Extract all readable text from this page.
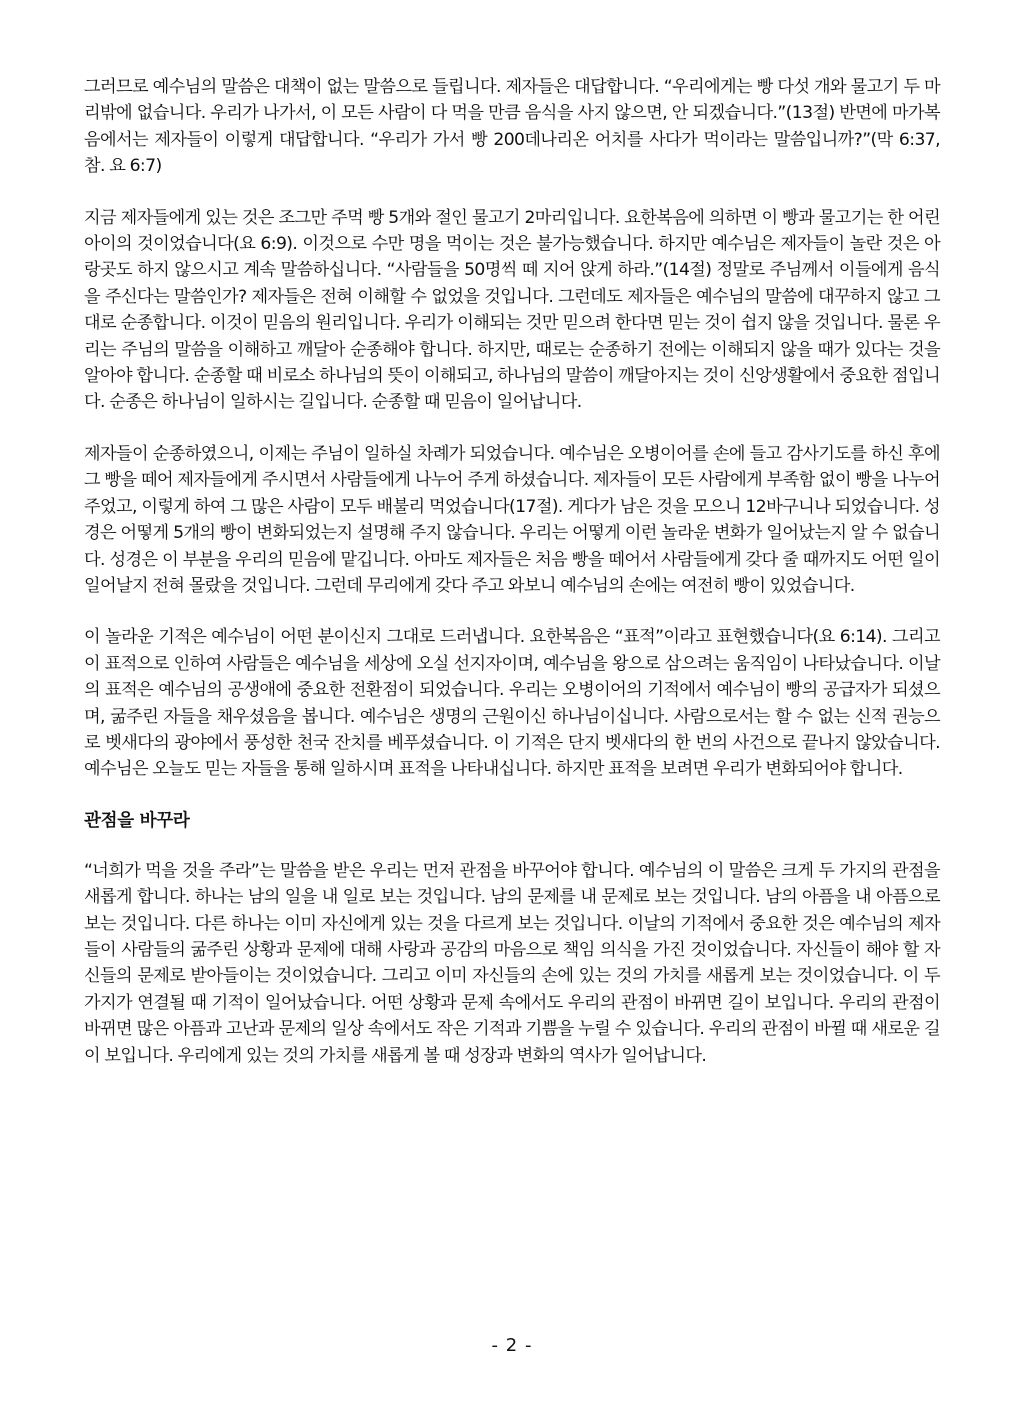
그러므로 예수님의 말씀은 대책이 없는 말씀으로 들립니다. 제자들은 대답합니다. “우리에게는 빵 다섯 개와 물고기 두 마리밖에 없습니다. 우리가 나가서, 이 모든 사람이 다 먹을 만큼 음식을 사지 않으면, 안 되겠습니다.”(13절) 반면에 마가복음에서는 제자들이 이렇게 대답합니다. “우리가 가서 빵 200데나리온 어치를 사다가 먹이라는 말씀입니까?”(막 6:37, 참. 요 6:7)

지금 제자들에게 있는 것은 조그만 주먹 빵 5개와 절인 물고기 2마리입니다. 요한복음에 의하면 이 빵과 물고기는 한 어린아이의 것이었습니다(요 6:9). 이것으로 수만 명을 먹이는 것은 불가능했습니다. 하지만 예수님은 제자들이 놀란 것은 아랑곳도 하지 않으시고 계속 말씀하십니다. “사람들을 50명씩 떼 지어 앉게 하라.”(14절) 정말로 주님께서 이들에게 음식을 주신다는 말씀인가? 제자들은 전혀 이해할 수 없었을 것입니다. 그런데도 제자들은 예수님의 말씀에 대꾸하지 않고 그대로 순종합니다. 이것이 믿음의 원리입니다. 우리가 이해되는 것만 믿으려 한다면 믿는 것이 쉽지 않을 것입니다. 물론 우리는 주님의 말씀을 이해하고 깨달아 순종해야 합니다. 하지만, 때로는 순종하기 전에는 이해되지 않을 때가 있다는 것을 알아야 합니다. 순종할 때 비로소 하나님의 뜻이 이해되고, 하나님의 말씀이 깨달아지는 것이 신앙생활에서 중요한 점입니다. 순종은 하나님이 일하시는 길입니다. 순종할 때 믿음이 일어납니다.

제자들이 순종하였으니, 이제는 주님이 일하실 차례가 되었습니다. 예수님은 오병이어를 손에 들고 감사기도를 하신 후에 그 빵을 떼어 제자들에게 주시면서 사람들에게 나누어 주게 하셨습니다. 제자들이 모든 사람에게 부족함 없이 빵을 나누어 주었고, 이렇게 하여 그 많은 사람이 모두 배불리 먹었습니다(17절). 게다가 남은 것을 모으니 12바구니나 되었습니다. 성경은 어떻게 5개의 빵이 변화되었는지 설명해 주지 않습니다. 우리는 어떻게 이런 놀라운 변화가 일어났는지 알 수 없습니다. 성경은 이 부분을 우리의 믿음에 맡깁니다. 아마도 제자들은 처음 빵을 떼어서 사람들에게 갖다 줄 때까지도 어떤 일이 일어날지 전혀 몰랐을 것입니다. 그런데 무리에게 갖다 주고 와보니 예수님의 손에는 여전히 빵이 있었습니다.

이 놀라운 기적은 예수님이 어떤 분이신지 그대로 드러냅니다. 요한복음은 “표적”이라고 표현했습니다(요 6:14). 그리고 이 표적으로 인하여 사람들은 예수님을 세상에 오실 선지자이며, 예수님을 왕으로 삼으려는 움직임이 나타났습니다. 이날의 표적은 예수님의 공생애에 중요한 전환점이 되었습니다. 우리는 오병이어의 기적에서 예수님이 빵의 공급자가 되셨으며, 굶주린 자들을 채우셨음을 봅니다. 예수님은 생명의 근원이신 하나님이십니다. 사람으로서는 할 수 없는 신적 권능으로 벳새다의 광야에서 풍성한 천국 잔치를 베푸셨습니다. 이 기적은 단지 벳새다의 한 번의 사건으로 끝나지 않았습니다. 예수님은 오늘도 믿는 자들을 통해 일하시며 표적을 나타내십니다. 하지만 표적을 보려면 우리가 변화되어야 합니다.

관점을 바꾸라

“너희가 먹을 것을 주라”는 말씀을 받은 우리는 먼저 관점을 바꾸어야 합니다. 예수님의 이 말씀은 크게 두 가지의 관점을 새롭게 합니다. 하나는 남의 일을 내 일로 보는 것입니다. 남의 문제를 내 문제로 보는 것입니다. 남의 아픔을 내 아픔으로 보는 것입니다. 다른 하나는 이미 자신에게 있는 것을 다르게 보는 것입니다. 이날의 기적에서 중요한 것은 예수님의 제자들이 사람들의 굶주린 상황과 문제에 대해 사랑과 공감의 마음으로 책임 의식을 가진 것이었습니다. 자신들이 해야 할 자신들의 문제로 받아들이는 것이었습니다. 그리고 이미 자신들의 손에 있는 것의 가치를 새롭게 보는 것이었습니다. 이 두 가지가 연결될 때 기적이 일어났습니다. 어떤 상황과 문제 속에서도 우리의 관점이 바뀌면 길이 보입니다. 우리의 관점이 바뀌면 많은 아픔과 고난과 문제의 일상 속에서도 작은 기적과 기쁨을 누릴 수 있습니다. 우리의 관점이 바뀔 때 새로운 길이 보입니다. 우리에게 있는 것의 가치를 새롭게 볼 때 성장과 변화의 역사가 일어납니다.

- 2 -
